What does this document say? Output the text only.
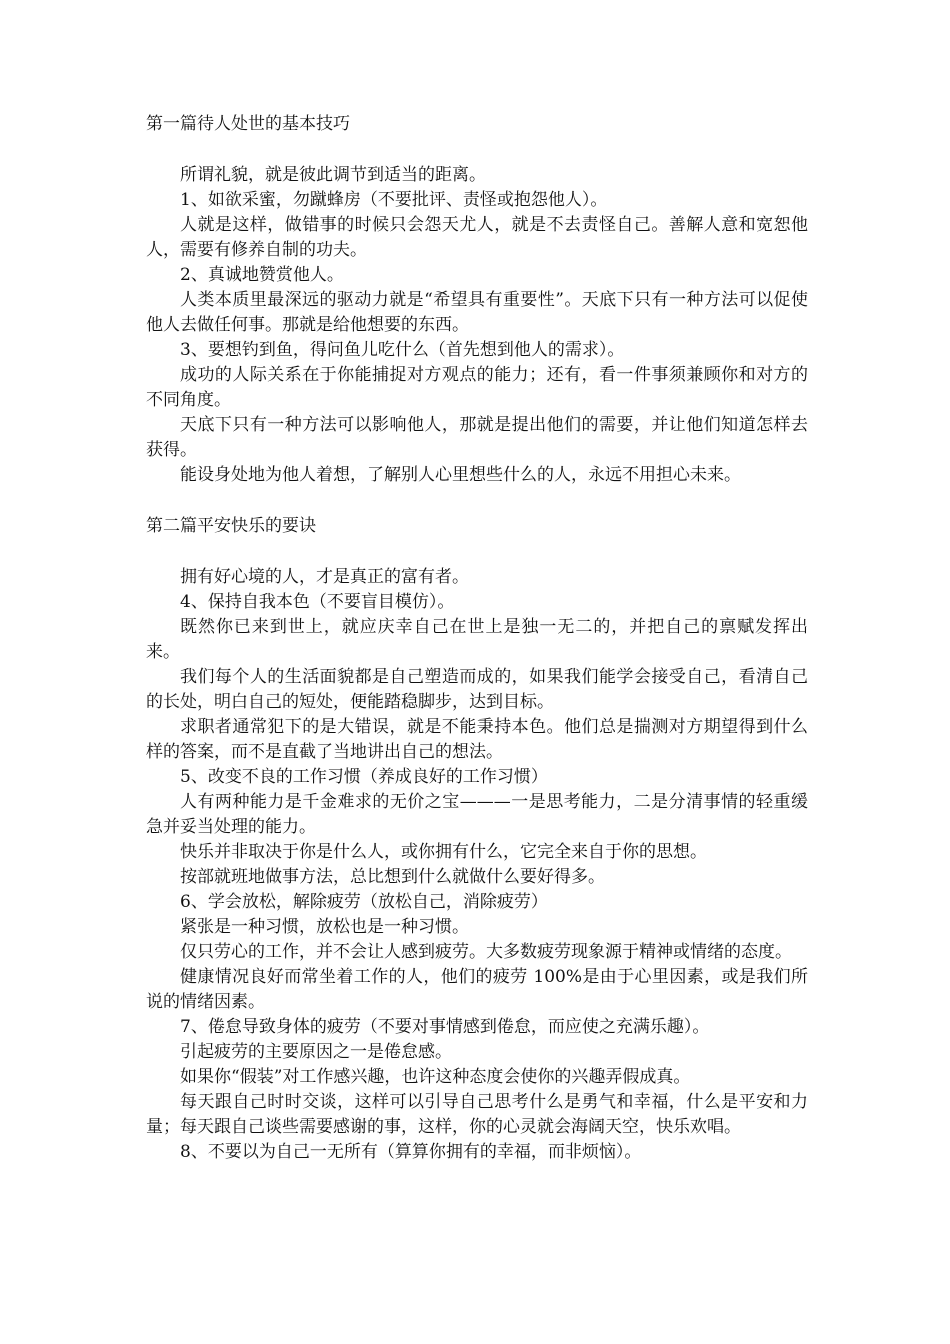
第一篇待人处世的基本技巧

所谓礼貌，就是彼此调节到适当的距离。

1、如欲采蜜，勿蹴蜂房（不要批评、责怪或抱怨他人）。

人就是这样，做错事的时候只会怨天尤人，就是不去责怪自己。善解人意和宽恕他人，需要有修养自制的功夫。

2、真诚地赞赏他人。

人类本质里最深远的驱动力就是“希望具有重要性”。天底下只有一种方法可以促使他人去做任何事。那就是给他想要的东西。

3、要想钓到鱼，得问鱼儿吃什么（首先想到他人的需求）。

成功的人际关系在于你能捕捉对方观点的能力；还有，看一件事须兼顾你和对方的不同角度。

天底下只有一种方法可以影响他人，那就是提出他们的需要，并让他们知道怎样去获得。

能设身处地为他人着想，了解别人心里想些什么的人，永远不用担心未来。

第二篇平安快乐的要诀

拥有好心境的人，才是真正的富有者。

4、保持自我本色（不要盲目模仿）。

既然你已来到世上，就应庆幸自己在世上是独一无二的，并把自己的禀赋发挥出来。

我们每个人的生活面貌都是自己塑造而成的，如果我们能学会接受自己，看清自己的长处，明白自己的短处，便能踏稳脚步，达到目标。

求职者通常犯下的是大错误，就是不能秉持本色。他们总是揣测对方期望得到什么样的答案，而不是直截了当地讲出自己的想法。

5、改变不良的工作习惯（养成良好的工作习惯）

人有两种能力是千金难求的无价之宝———一是思考能力，二是分清事情的轻重缓急并妥当处理的能力。

快乐并非取决于你是什么人，或你拥有什么，它完全来自于你的思想。

按部就班地做事方法，总比想到什么就做什么要好得多。

6、学会放松，解除疲劳（放松自己，消除疲劳）

紧张是一种习惯，放松也是一种习惯。

仅只劳心的工作，并不会让人感到疲劳。大多数疲劳现象源于精神或情绪的态度。

健康情况良好而常坐着工作的人，他们的疲劳 100%是由于心里因素，或是我们所说的情绪因素。

7、倦怠导致身体的疲劳（不要对事情感到倦怠，而应使之充满乐趣）。

引起疲劳的主要原因之一是倦怠感。

如果你“假装”对工作感兴趣，也许这种态度会使你的兴趣弄假成真。

每天跟自己时时交谈，这样可以引导自己思考什么是勇气和幸福，什么是平安和力量；每天跟自己谈些需要感谢的事，这样，你的心灵就会海阔天空，快乐欢唱。

8、不要以为自己一无所有（算算你拥有的幸福，而非烦恼）。
